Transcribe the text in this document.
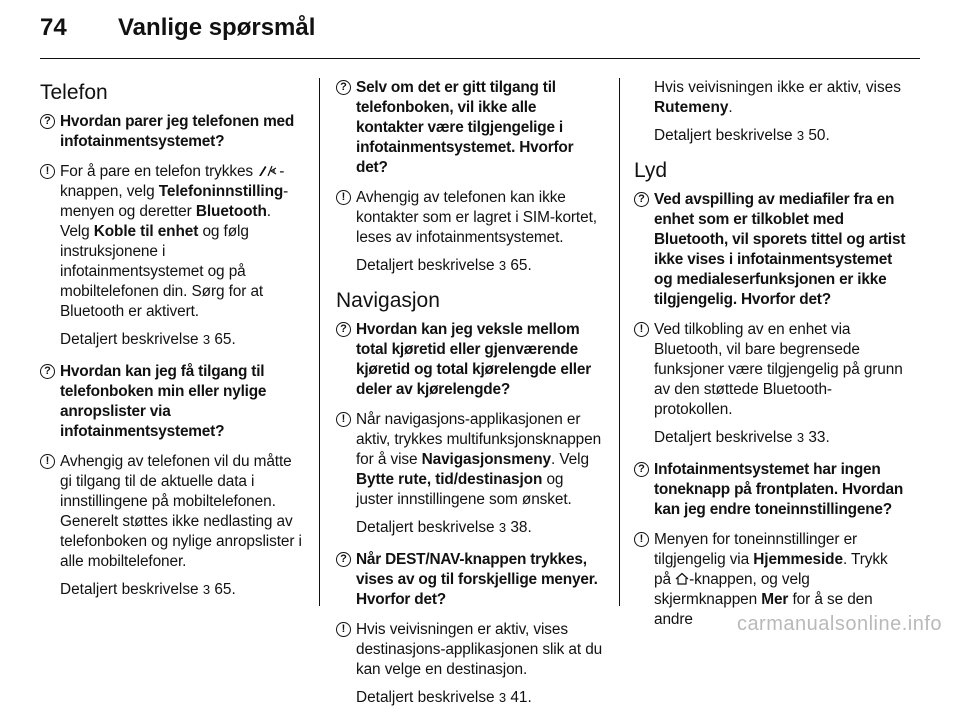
74	Vanlige spørsmål
Telefon
? Hvordan parer jeg telefonen med infotainmentsystemet?
! For å pare en telefon trykkes -knappen, velg Telefoninnstilling-menyen og deretter Bluetooth. Velg Koble til enhet og følg instruksjonene i infotainmentsystemet og på mobiltelefonen din. Sørg for at Bluetooth er aktivert.
Detaljert beskrivelse 3 65.
? Hvordan kan jeg få tilgang til telefonboken min eller nylige anropslister via infotainmentsystemet?
! Avhengig av telefonen vil du måtte gi tilgang til de aktuelle data i innstillingene på mobiltelefonen. Generelt støttes ikke nedlasting av telefonboken og nylige anropslister i alle mobiltelefoner.
Detaljert beskrivelse 3 65.
? Selv om det er gitt tilgang til telefonboken, vil ikke alle kontakter være tilgjengelige i infotainmentsystemet. Hvorfor det?
! Avhengig av telefonen kan ikke kontakter som er lagret i SIM-kortet, leses av infotainmentsystemet.
Detaljert beskrivelse 3 65.
Navigasjon
? Hvordan kan jeg veksle mellom total kjøretid eller gjenværende kjøretid og total kjørelengde eller deler av kjørelengde?
! Når navigasjons-applikasjonen er aktiv, trykkes multifunksjonsknappen for å vise Navigasjonsmeny. Velg Bytte rute, tid/destinasjon og juster innstillingene som ønsket.
Detaljert beskrivelse 3 38.
? Når DEST/NAV-knappen trykkes, vises av og til forskjellige menyer. Hvorfor det?
! Hvis veivisningen er aktiv, vises destinasjons-applikasjonen slik at du kan velge en destinasjon.
Detaljert beskrivelse 3 41.
Hvis veivisningen ikke er aktiv, vises Rutemeny.
Detaljert beskrivelse 3 50.
Lyd
? Ved avspilling av mediafiler fra en enhet som er tilkoblet med Bluetooth, vil sporets tittel og artist ikke vises i infotainmentsystemet og medialeserfunksjonen er ikke tilgjengelig. Hvorfor det?
! Ved tilkobling av en enhet via Bluetooth, vil bare begrensede funksjoner være tilgjengelig på grunn av den støttede Bluetooth-protokollen.
Detaljert beskrivelse 3 33.
? Infotainmentsystemet har ingen toneknapp på frontplaten. Hvordan kan jeg endre toneinnstillingene?
! Menyen for toneinnstillinger er tilgjengelig via Hjemmeside. Trykk på -knappen, og velg skjermknappen Mer for å se den andre	carmanualsonline.info
